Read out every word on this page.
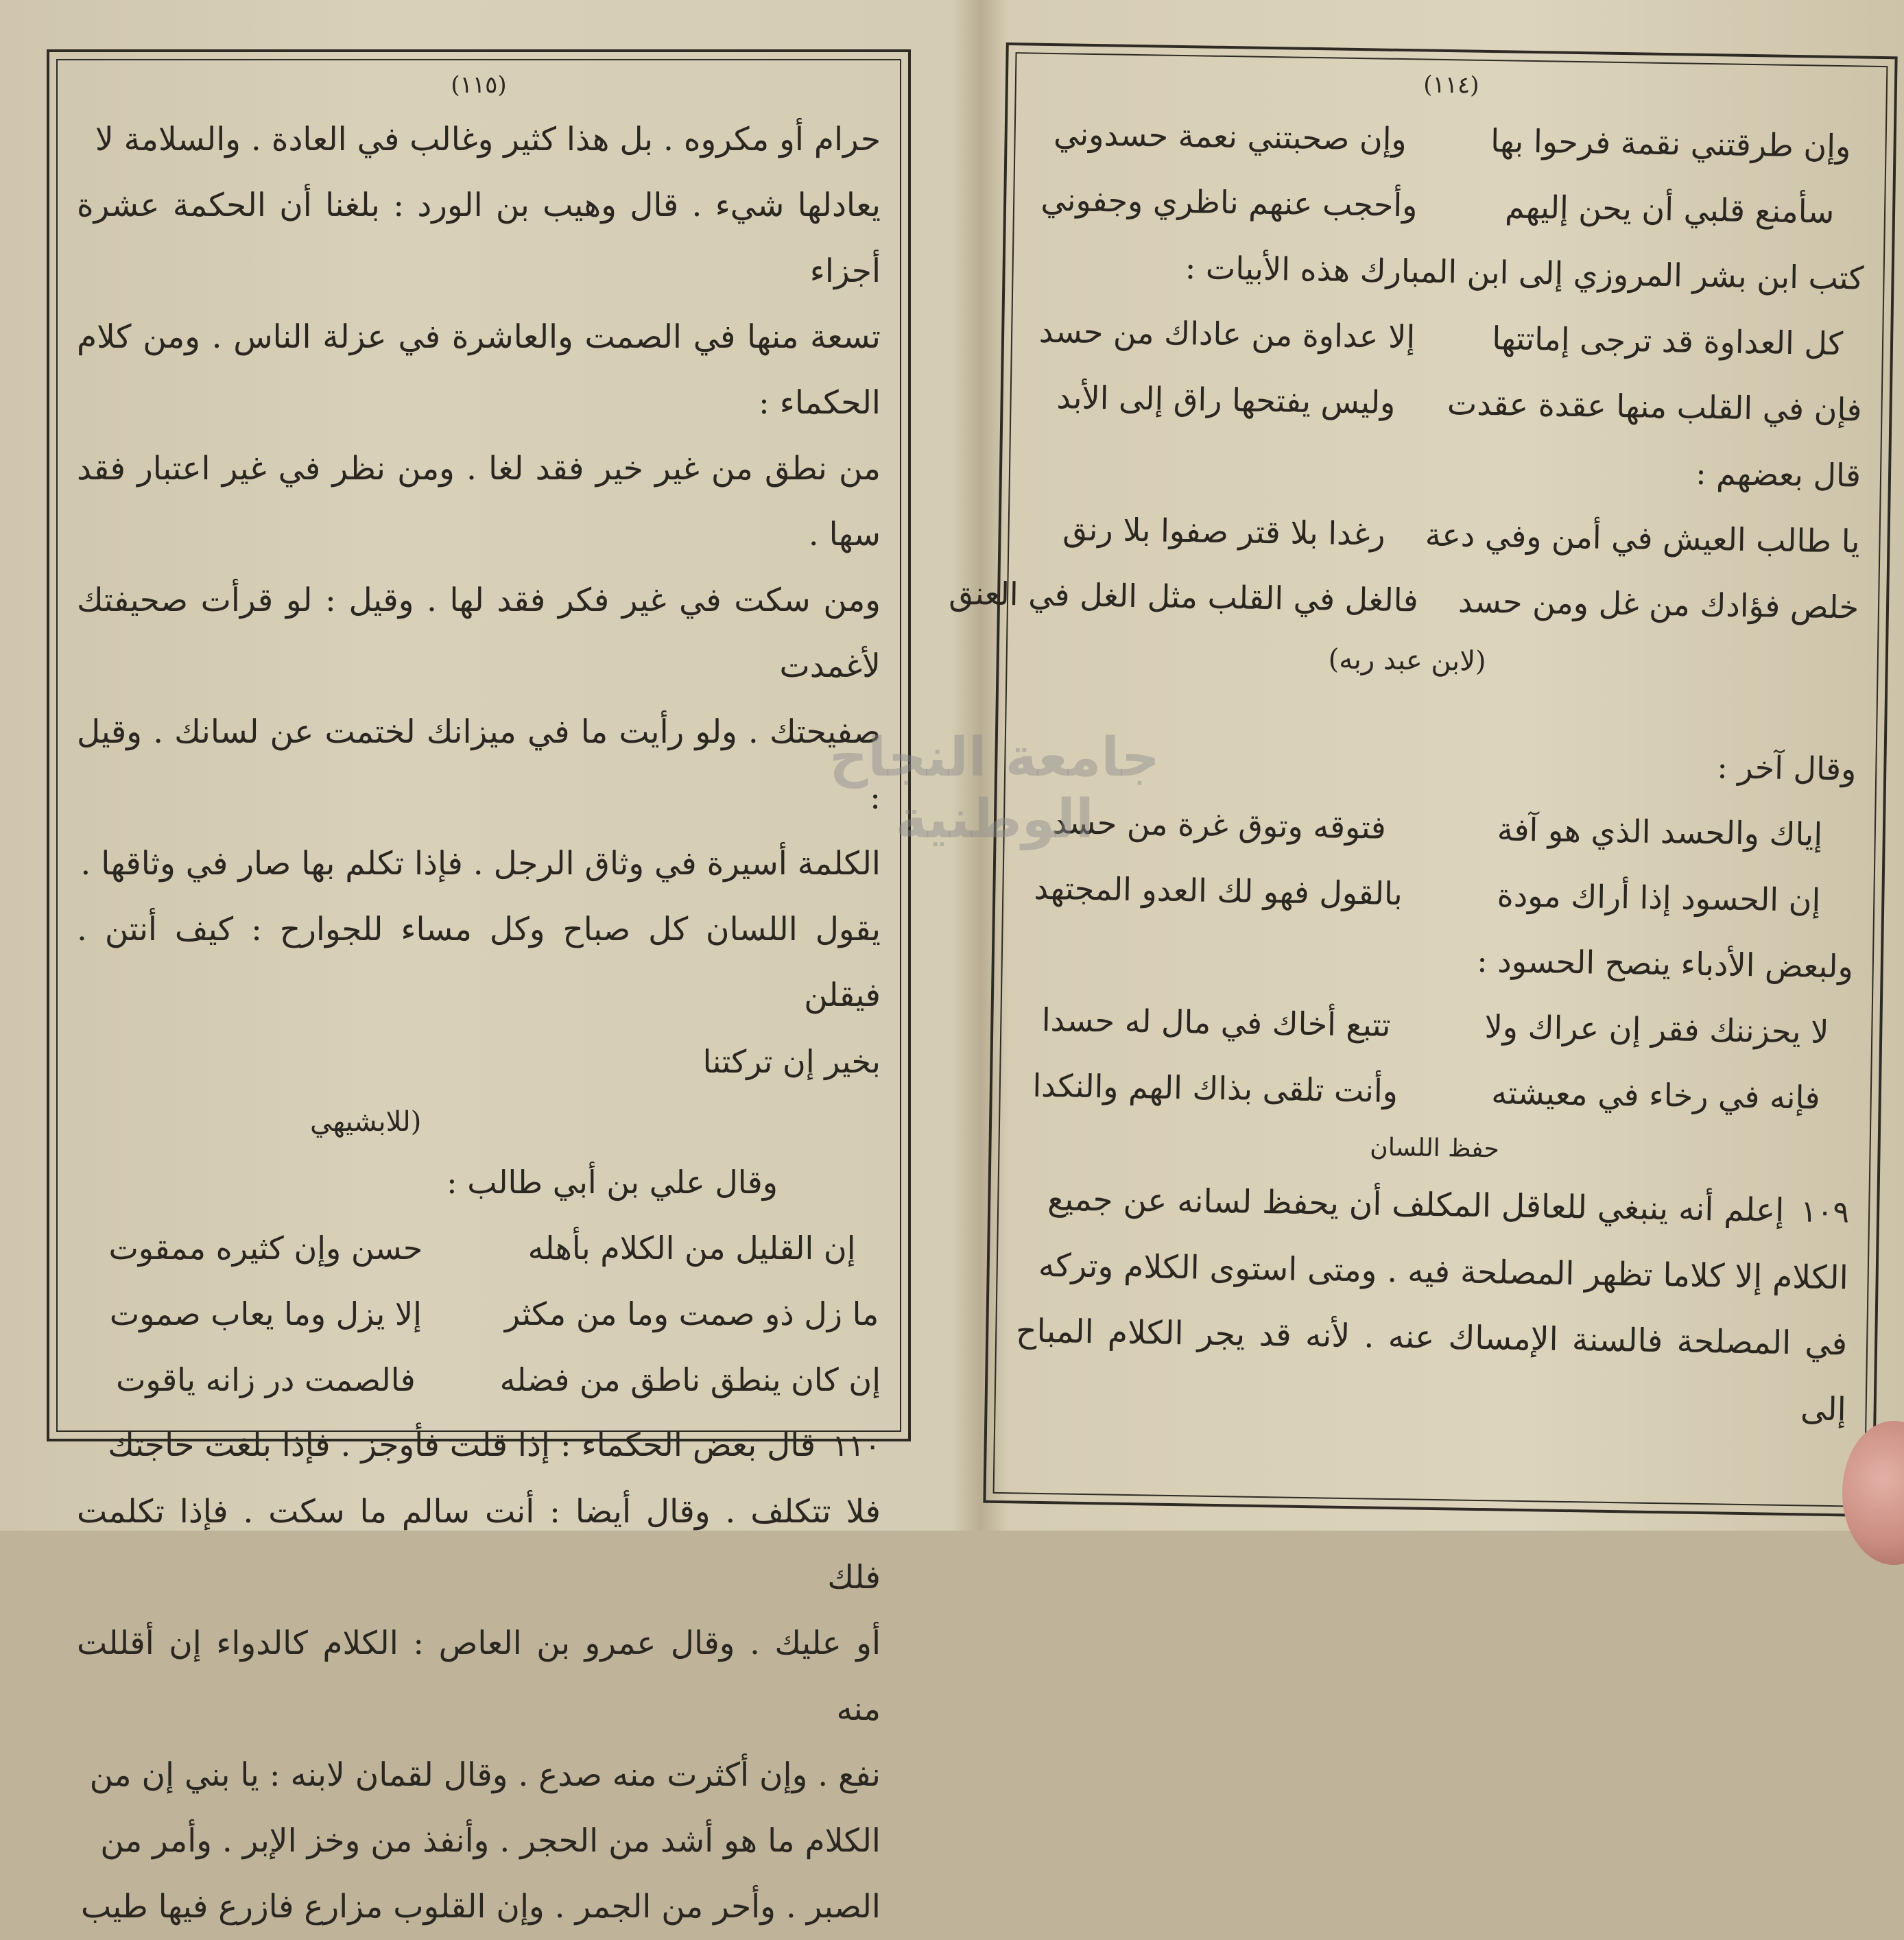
(١١٥)

حرام أو مكروه . بل هذا كثير وغالب في العادة . والسلامة لا

يعادلها شيء . قال وهيب بن الورد : بلغنا أن الحكمة عشرة أجزاء

تسعة منها في الصمت والعاشرة في عزلة الناس . ومن كلام الحكماء :

من نطق من غير خير فقد لغا . ومن نظر في غير اعتبار فقد سها .

ومن سكت في غير فكر فقد لها . وقيل : لو قرأت صحيفتك لأغمدت

صفيحتك . ولو رأيت ما في ميزانك لختمت عن لسانك . وقيل :

الكلمة أسيرة في وثاق الرجل . فإذا تكلم بها صار في وثاقها .

يقول اللسان كل صباح وكل مساء للجوارح : كيف أنتن . فيقلن

بخير إن تركتنا

(للابشيهي

وقال علي بن أبي طالب :

إن القليل من الكلام بأهله
حسن وإن كثيره ممقوت
ما زل ذو صمت وما من مكثر
إلا يزل وما يعاب صموت
إن كان ينطق ناطق من فضله
فالصمت در زانه ياقوت

١١٠قال بعض الحكماء : إذا قلت فأوجز . فإذا بلغت حاجتك

فلا تتكلف . وقال أيضا : أنت سالم ما سكت . فإذا تكلمت فلك

أو عليك . وقال عمرو بن العاص : الكلام كالدواء إن أقللت منه

نفع . وإن أكثرت منه صدع . وقال لقمان لابنه : يا بني إن من

الكلام ما هو أشد من الحجر . وأنفذ من وخز الإبر . وأمر من

الصبر . وأحر من الجمر . وإن القلوب مزارع فازرع فيها طيب

(١١٤)
وإن طرقتني نقمة فرحوا بها
وإن صحبتني نعمة حسدوني
سأمنع قلبي أن يحن إليهم
وأحجب عنهم ناظري وجفوني

كتب ابن بشر المروزي إلى ابن المبارك هذه الأبيات :

كل العداوة قد ترجى إماتتها
إلا عداوة من عاداك من حسد
فإن في القلب منها عقدة عقدت
وليس يفتحها راق إلى الأبد

قال بعضهم :

يا طالب العيش في أمن وفي دعة
رغدا بلا قتر صفوا بلا رنق
خلص فؤادك من غل ومن حسد
فالغل في القلب مثل الغل في العنق
(لابن عبد ربه)

وقال آخر :

إياك والحسد الذي هو آفة
فتوقه وتوق غرة من حسد
إن الحسود إذا أراك مودة
بالقول فهو لك العدو المجتهد

ولبعض الأدباء ينصح الحسود :

لا يحزننك فقر إن عراك ولا
تتبع أخاك في مال له حسدا
فإنه في رخاء في معيشته
وأنت تلقى بذاك الهم والنكدا
حفظ اللسان

١٠٩إعلم أنه ينبغي للعاقل المكلف أن يحفظ لسانه عن جميع

الكلام إلا كلاما تظهر المصلحة فيه . ومتى استوى الكلام وتركه

في المصلحة فالسنة الإمساك عنه . لأنه قد يجر الكلام المباح إلى

جامعة النجاح الوطنية
